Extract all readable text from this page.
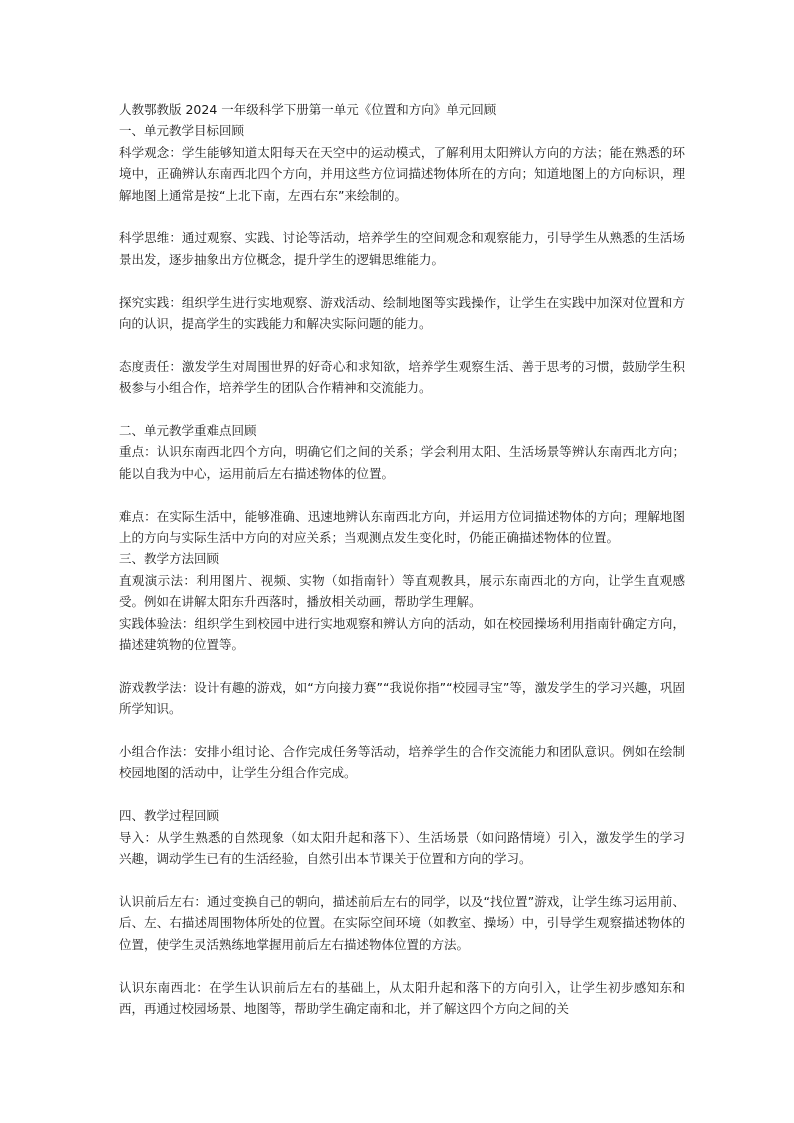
人教鄂教版 2024 一年级科学下册第一单元《位置和方向》单元回顾

一、单元教学目标回顾

科学观念：学生能够知道太阳每天在天空中的运动模式，了解利用太阳辨认方向的方法；能在熟悉的环境中，正确辨认东南西北四个方向，并用这些方位词描述物体所在的方向；知道地图上的方向标识，理解地图上通常是按“上北下南，左西右东”来绘制的。

科学思维：通过观察、实践、讨论等活动，培养学生的空间观念和观察能力，引导学生从熟悉的生活场景出发，逐步抽象出方位概念，提升学生的逻辑思维能力。

探究实践：组织学生进行实地观察、游戏活动、绘制地图等实践操作，让学生在实践中加深对位置和方向的认识，提高学生的实践能力和解决实际问题的能力。

态度责任：激发学生对周围世界的好奇心和求知欲，培养学生观察生活、善于思考的习惯，鼓励学生积极参与小组合作，培养学生的团队合作精神和交流能力。

二、单元教学重难点回顾

重点：认识东南西北四个方向，明确它们之间的关系；学会利用太阳、生活场景等辨认东南西北方向；能以自我为中心，运用前后左右描述物体的位置。

难点：在实际生活中，能够准确、迅速地辨认东南西北方向，并运用方位词描述物体的方向；理解地图上的方向与实际生活中方向的对应关系；当观测点发生变化时，仍能正确描述物体的位置。

三、教学方法回顾

直观演示法：利用图片、视频、实物（如指南针）等直观教具，展示东南西北的方向，让学生直观感受。例如在讲解太阳东升西落时，播放相关动画，帮助学生理解。

实践体验法：组织学生到校园中进行实地观察和辨认方向的活动，如在校园操场利用指南针确定方向，描述建筑物的位置等。

游戏教学法：设计有趣的游戏，如“方向接力赛”“我说你指”“校园寻宝”等，激发学生的学习兴趣，巩固所学知识。

小组合作法：安排小组讨论、合作完成任务等活动，培养学生的合作交流能力和团队意识。例如在绘制校园地图的活动中，让学生分组合作完成。

四、教学过程回顾

导入：从学生熟悉的自然现象（如太阳升起和落下）、生活场景（如问路情境）引入，激发学生的学习兴趣，调动学生已有的生活经验，自然引出本节课关于位置和方向的学习。

认识前后左右：通过变换自己的朝向，描述前后左右的同学，以及“找位置”游戏，让学生练习运用前、后、左、右描述周围物体所处的位置。在实际空间环境（如教室、操场）中，引导学生观察描述物体的位置，使学生灵活熟练地掌握用前后左右描述物体位置的方法。

认识东南西北：在学生认识前后左右的基础上，从太阳升起和落下的方向引入，让学生初步感知东和西，再通过校园场景、地图等，帮助学生确定南和北，并了解这四个方向之间的关
